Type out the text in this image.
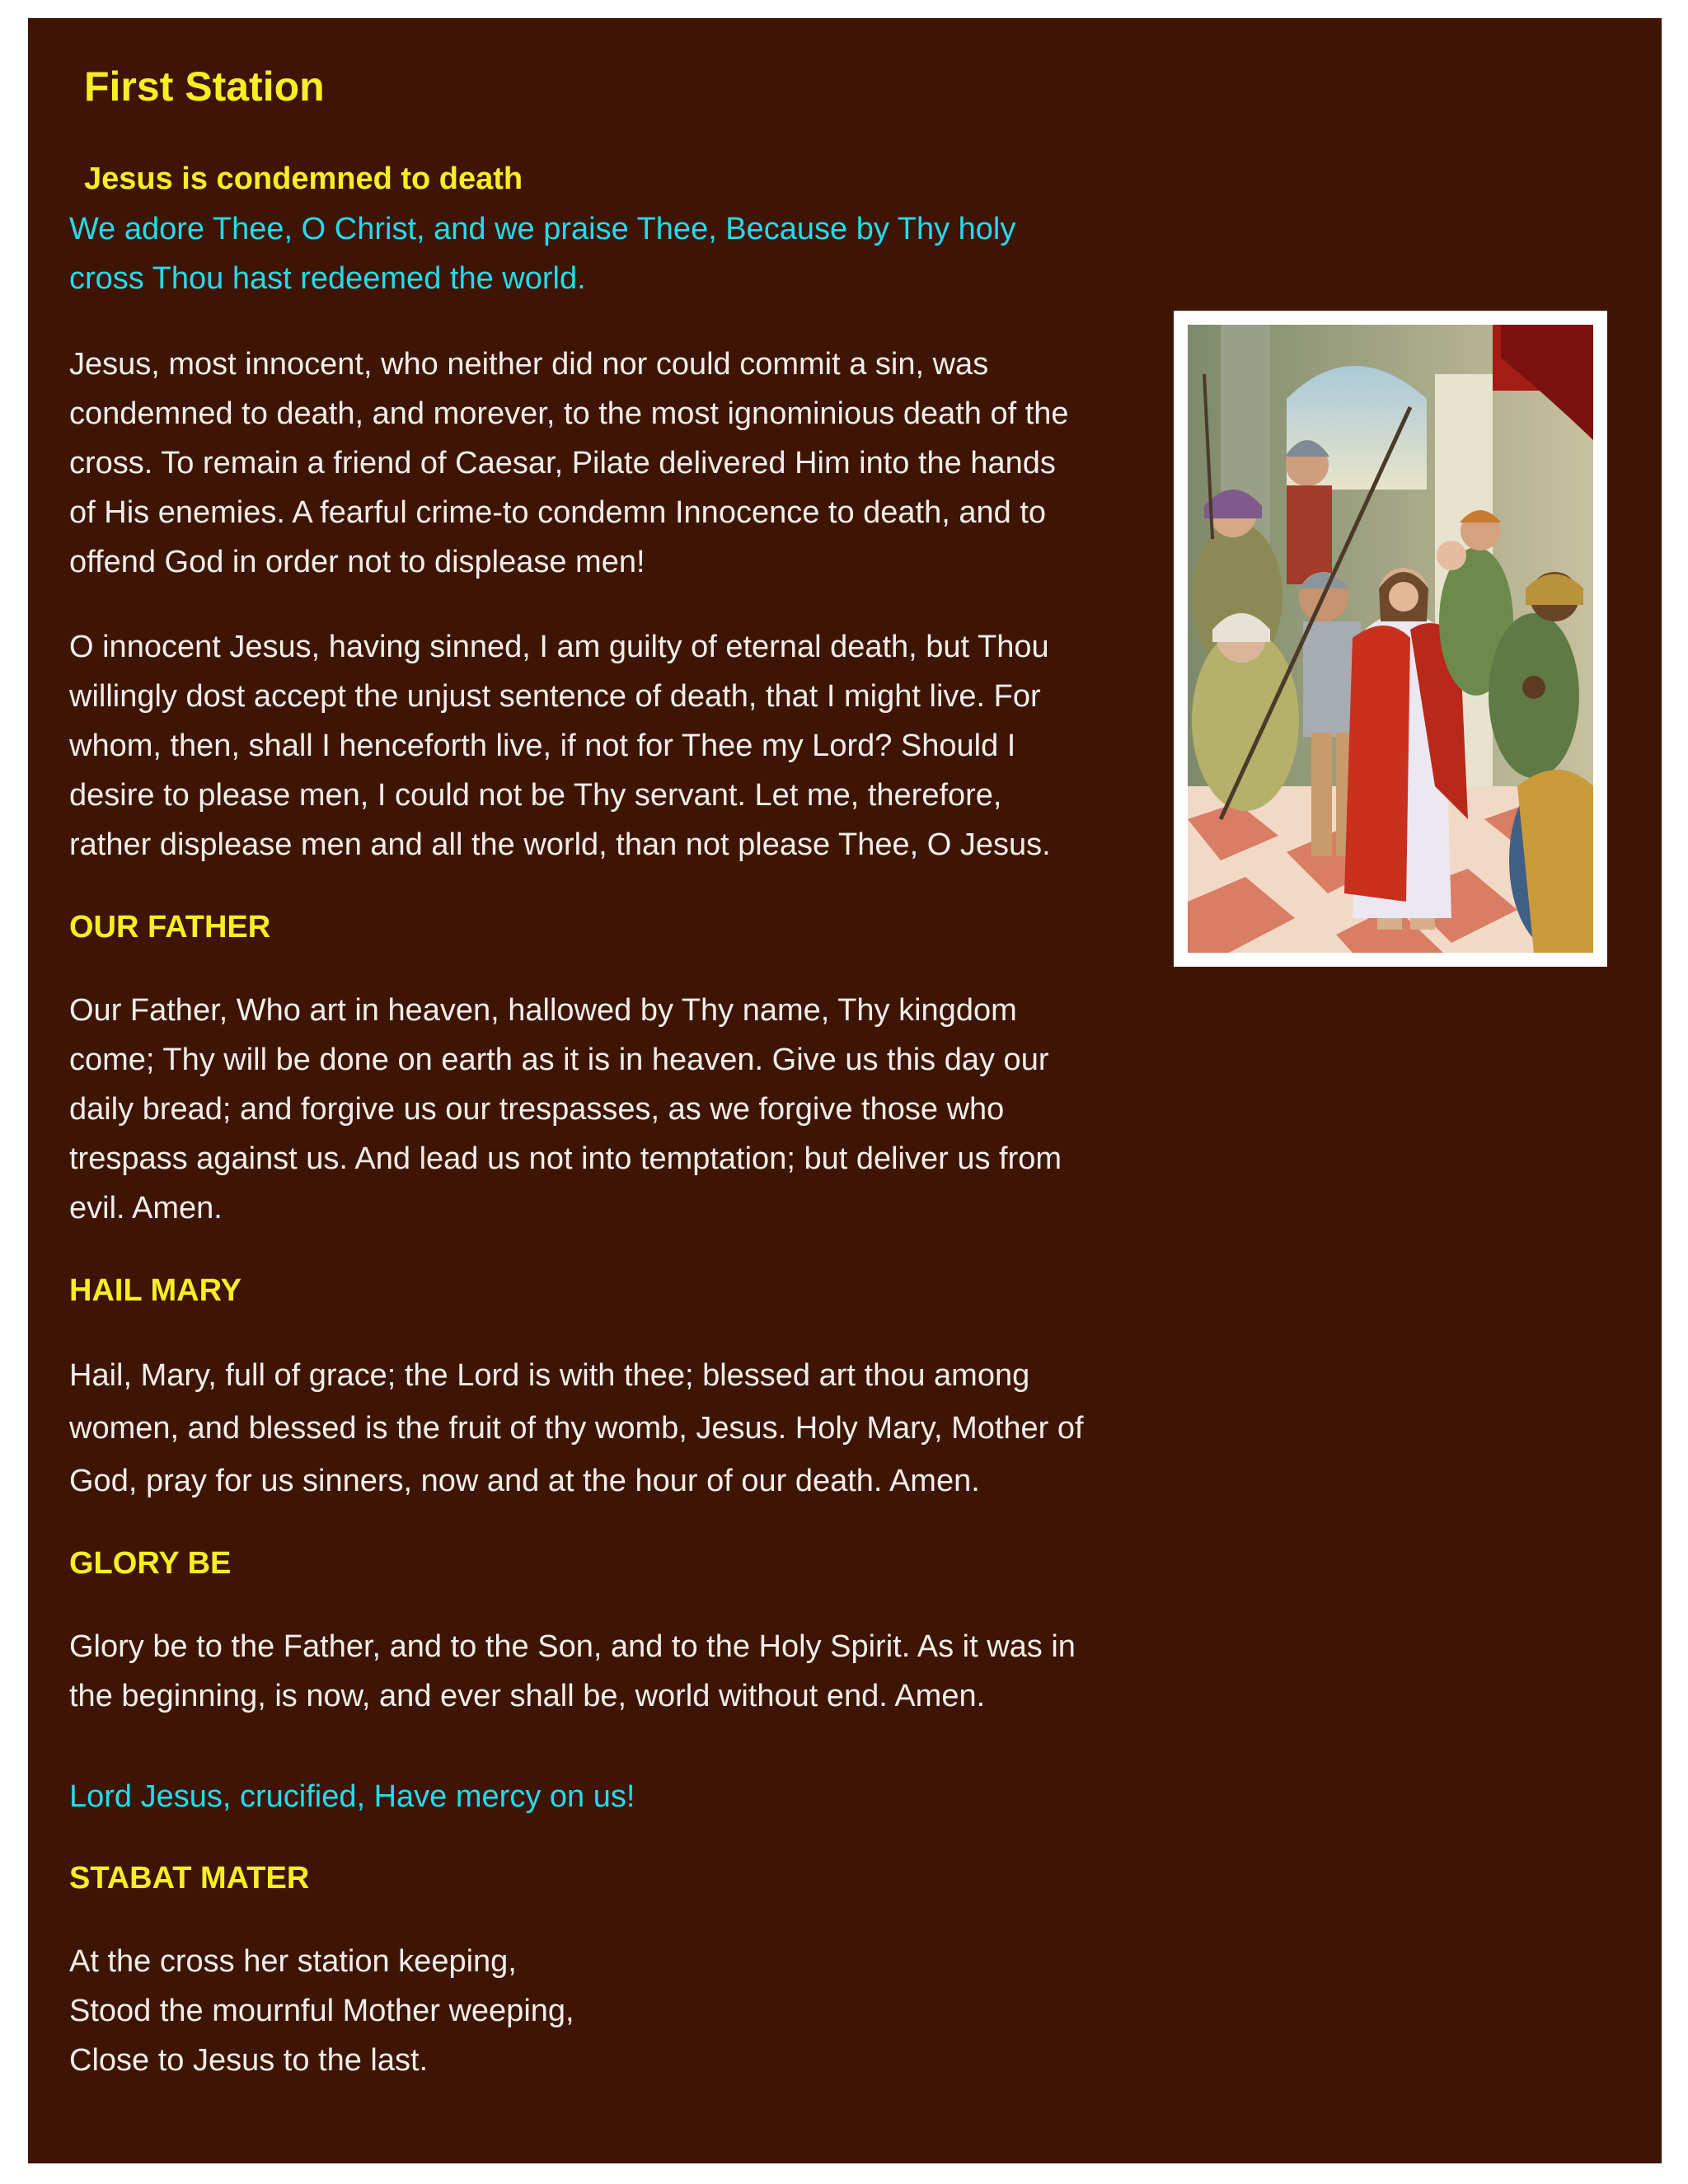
First Station
Jesus is condemned to death

We adore Thee, O Christ, and we praise Thee, Because by Thy holy
cross Thou hast redeemed the world.

Jesus, most innocent, who neither did nor could commit a sin, was
condemned to death, and morever, to the most ignominious death of the
cross. To remain a friend of Caesar, Pilate delivered Him into the hands
of His enemies. A fearful crime-to condemn Innocence to death, and to
offend God in order not to displease men!

O innocent Jesus, having sinned, I am guilty of eternal death, but Thou
willingly dost accept the unjust sentence of death, that I might live. For
whom, then, shall I henceforth live, if not for Thee my Lord? Should I
desire to please men, I could not be Thy servant. Let me, therefore,
rather displease men and all the world, than not please Thee, O Jesus.

OUR FATHER

Our Father, Who art in heaven, hallowed by Thy name, Thy kingdom
come; Thy will be done on earth as it is in heaven. Give us this day our
daily bread; and forgive us our trespasses, as we forgive those who
trespass against us. And lead us not into temptation; but deliver us from
evil. Amen.

HAIL MARY

Hail, Mary, full of grace; the Lord is with thee; blessed art thou among
women, and blessed is the fruit of thy womb, Jesus. Holy Mary, Mother of
God, pray for us sinners, now and at the hour of our death. Amen.

GLORY BE

Glory be to the Father, and to the Son, and to the Holy Spirit. As it was in
the beginning, is now, and ever shall be, world without end. Amen.

Lord Jesus, crucified, Have mercy on us!

STABAT MATER

At the cross her station keeping,
Stood the mournful Mother weeping,
Close to Jesus to the last.
